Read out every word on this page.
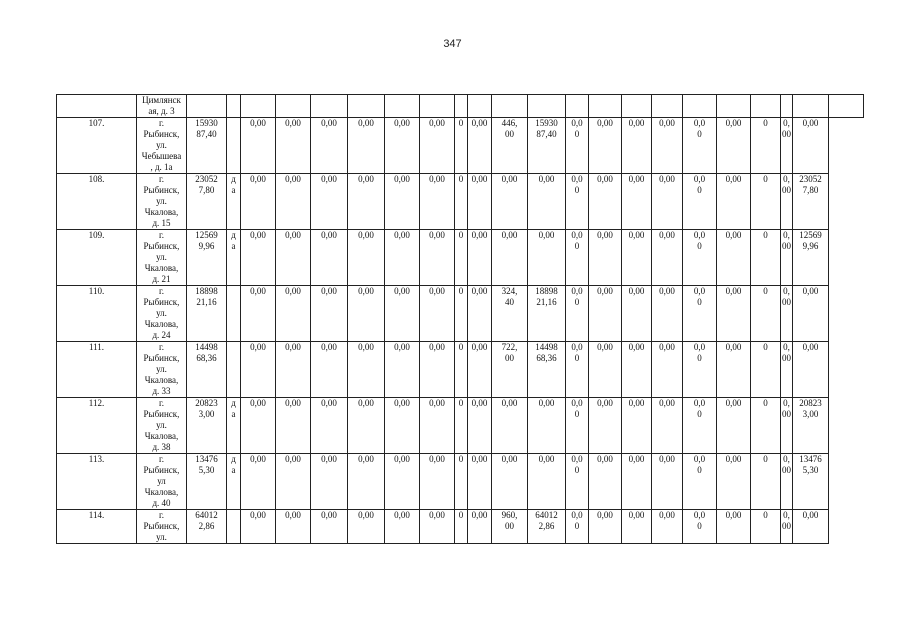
347
	Цимлянск
ая, д. 3																						
107.	г.
Рыбинск,
ул.
Чебышева
, д. 1а	15930
87,40		0,00	0,00	0,00	0,00	0,00	0,00	0	0,00	446,
00	15930
87,40	0,0
0	0,00	0,00	0,00	0,0
0	0,00	0	0,00	0,00	
108.	г.
Рыбинск,
ул.
Чкалова,
д. 15	23052
7,80	д
а	0,00	0,00	0,00	0,00	0,00	0,00	0	0,00	0,00	0,00	0,0
0	0,00	0,00	0,00	0,0
0	0,00	0	0,00	23052
7,80	
109.	г.
Рыбинск,
ул.
Чкалова,
д. 21	12569
9,96	д
а	0,00	0,00	0,00	0,00	0,00	0,00	0	0,00	0,00	0,00	0,0
0	0,00	0,00	0,00	0,0
0	0,00	0	0,00	12569
9,96	
110.	г.
Рыбинск,
ул.
Чкалова,
д. 24	18898
21,16		0,00	0,00	0,00	0,00	0,00	0,00	0	0,00	324,
40	18898
21,16	0,0
0	0,00	0,00	0,00	0,0
0	0,00	0	0,00	0,00	
111.	г.
Рыбинск,
ул.
Чкалова,
д. 33	14498
68,36		0,00	0,00	0,00	0,00	0,00	0,00	0	0,00	722,
00	14498
68,36	0,0
0	0,00	0,00	0,00	0,0
0	0,00	0	0,00	0,00	
112.	г.
Рыбинск,
ул.
Чкалова,
д. 38	20823
3,00	д
а	0,00	0,00	0,00	0,00	0,00	0,00	0	0,00	0,00	0,00	0,0
0	0,00	0,00	0,00	0,0
0	0,00	0	0,00	20823
3,00	
113.	г.
Рыбинск,
ул
Чкалова,
д. 40	13476
5,30	д
а	0,00	0,00	0,00	0,00	0,00	0,00	0	0,00	0,00	0,00	0,0
0	0,00	0,00	0,00	0,0
0	0,00	0	0,00	13476
5,30	
114.	г.
Рыбинск,
ул.	64012
2,86		0,00	0,00	0,00	0,00	0,00	0,00	0	0,00	960,
00	64012
2,86	0,0
0	0,00	0,00	0,00	0,0
0	0,00	0	0,00	0,00	
